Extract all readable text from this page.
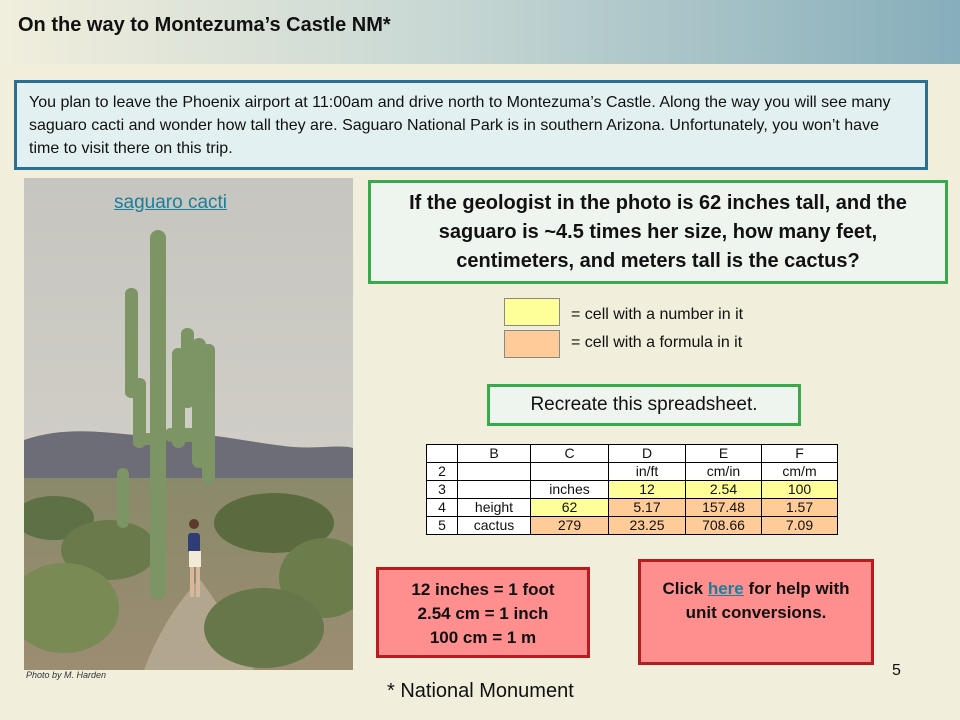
On the way to Montezuma’s Castle NM*
You plan to leave the Phoenix airport at 11:00am and drive north to Montezuma’s Castle. Along the way you will see many saguaro cacti and wonder how tall they are. Saguaro National Park is in southern Arizona. Unfortunately, you won’t have time to visit there on this trip.
saguaro cacti
Photo by M. Harden
If the geologist in the photo is 62 inches tall, and the saguaro is ~4.5 times her size, how many feet, centimeters, and meters tall is the cactus?
= cell with a number in it
= cell with a formula in it
Recreate this spreadsheet.
	B	C	D	E	F
2			in/ft	cm/in	cm/m
3		inches	12	2.54	100
4	height	62	5.17	157.48	1.57
5	cactus	279	23.25	708.66	7.09
12 inches = 1 foot
2.54 cm = 1 inch
100 cm = 1 m
Click here for help with unit conversions.
5
* National Monument
